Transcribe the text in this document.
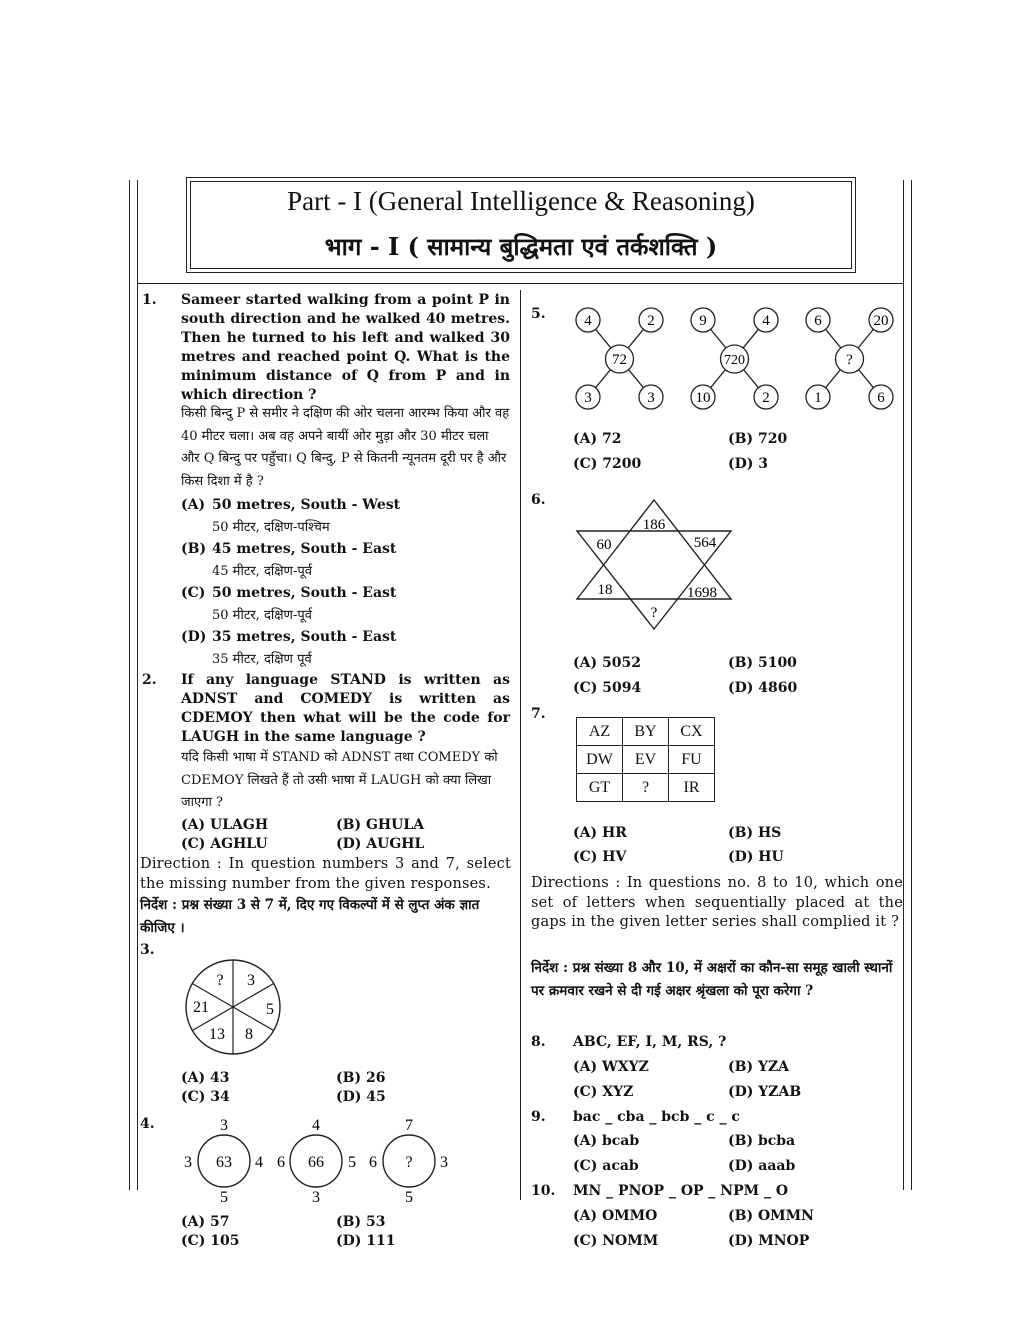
Part - I (General Intelligence & Reasoning)
भाग - I ( सामान्य बुद्धिमता एवं तर्कशक्ति )
1. Sameer started walking from a point P in south direction and he walked 40 metres. Then he turned to his left and walked 30 metres and reached point Q. What is the minimum distance of Q from P and in which direction ?
किसी बिन्दु P से समीर ने दक्षिण की ओर चलना आरम्भ किया और वह 40 मीटर चला। अब वह अपने बायीं ओर मुड़ा और 30 मीटर चला और Q बिन्दु पर पहुँचा। Q बिन्दु, P से कितनी न्यूनतम दूरी पर है और किस दिशा में है ?
(A) 50 metres, South - West
50 मीटर, दक्षिण-पश्चिम
(B) 45 metres, South - East
45 मीटर, दक्षिण-पूर्व
(C) 50 metres, South - East
50 मीटर, दक्षिण-पूर्व
(D) 35 metres, South - East
35 मीटर, दक्षिण पूर्व
2. If any language STAND is written as ADNST and COMEDY is written as CDEMOY then what will be the code for LAUGH in the same language ?
यदि किसी भाषा में STAND को ADNST तथा COMEDY को CDEMOY लिखते हैं तो उसी भाषा में LAUGH को क्या लिखा जाएगा ?
(A) ULAGH	(B) GHULA
(C) AGHLU	(D) AUGHL
Direction : In question numbers 3 and 7, select the missing number from the given responses.
निर्देश : प्रश्न संख्या 3 से 7 में, दिए गए विकल्पों में से लुप्त अंक ज्ञात कीजिए ।
3.
? 3
5
8
13
21
(A) 43	(B) 26
(C) 34	(D) 45
4.	3
3 63 4
5
4
6 66 5
3
7
6 ? 3
5
(A) 57	(B) 53
(C) 105	(D) 111
5.	4	2
72
3	3
9	4
720
10	2
6	20
?
1	6
(A) 72	(B) 720
(C) 7200	(D) 3
6.
186
60	564
18	1698
?
(A) 5052	(B) 5100
(C) 5094	(D) 4860
7.
AZ	BY	CX
DW	EV	FU
GT	?	IR
(A) HR	(B) HS
(C) HV	(D) HU
Directions : In questions no. 8 to 10, which one set of letters when sequentially placed at the gaps in the given letter series shall complied it ?
निर्देश : प्रश्न संख्या 8 और 10, में अक्षरों का कौन-सा समूह खाली स्थानों पर क्रमवार रखने से दी गई अक्षर श्रृंखला को पूरा करेगा ?
8. ABC, EF, I, M, RS, ?
(A) WXYZ	(B) YZA
(C) XYZ	(D) YZAB
9. bac _ cba _ bcb _ c _ c
(A) bcab	(B) bcba
(C) acab	(D) aaab
10. MN _ PNOP _ OP _ NPM _ O
(A) OMMO	(B) OMMN
(C) NOMM	(D) MNOP
